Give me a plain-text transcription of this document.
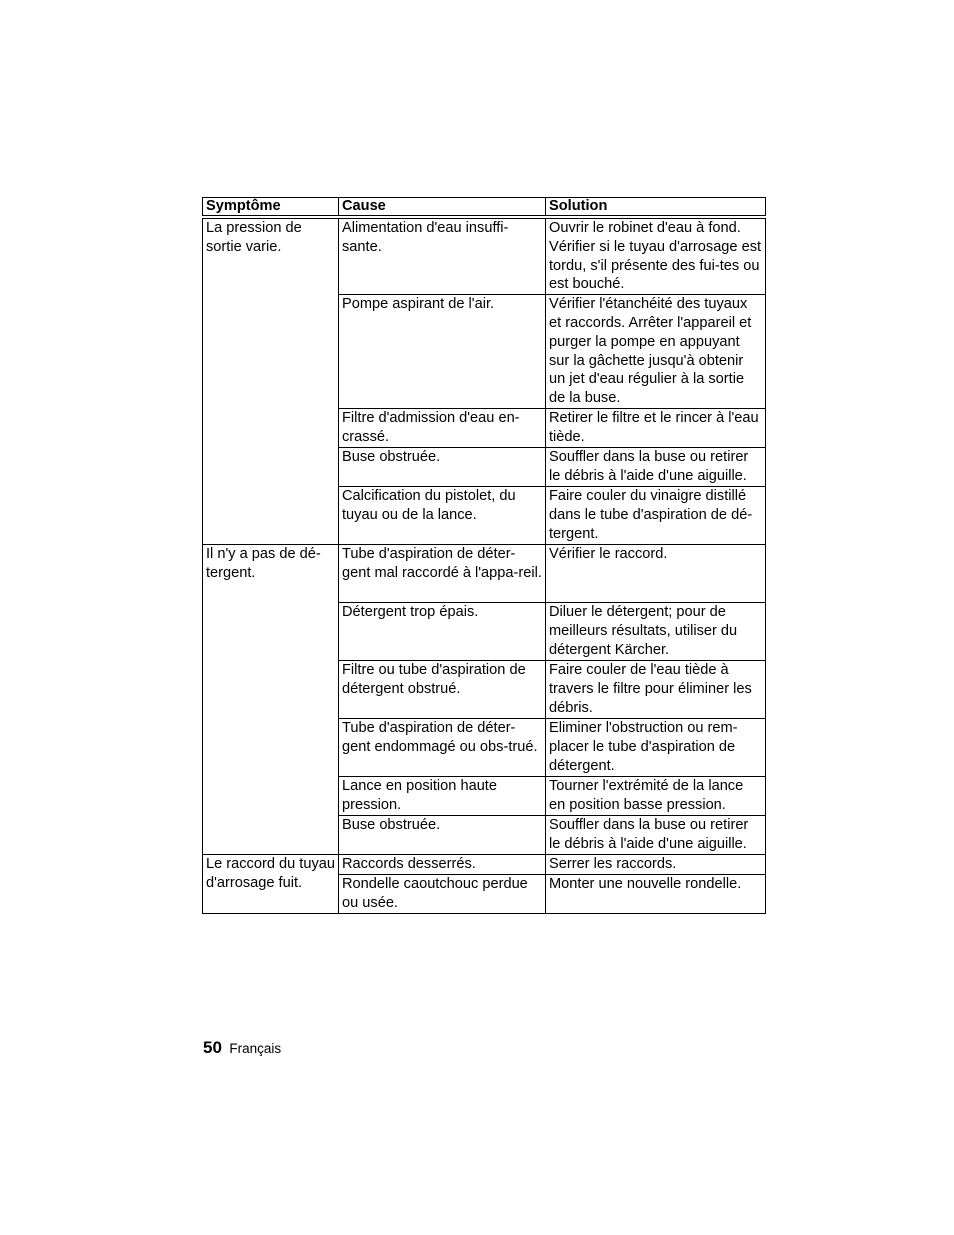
Symptôme	Cause	Solution
La pression de sortie varie.	Alimentation d'eau insuffi-sante.	Ouvrir le robinet d'eau à fond. Vérifier si le tuyau d'arrosage est tordu, s'il présente des fui-tes ou est bouché.
	Pompe aspirant de l'air.	Vérifier l'étanchéité des tuyaux et raccords. Arrêter l'appareil et purger la pompe en appuyant sur la gâchette jusqu'à obtenir un jet d'eau régulier à la sortie de la buse.
	Filtre d'admission d'eau en-crassé.	Retirer le filtre et le rincer à l'eau tiède.
	Buse obstruée.	Souffler dans la buse ou retirer le débris à l'aide d'une aiguille.
	Calcification du pistolet, du tuyau ou de la lance.	Faire couler du vinaigre distillé dans le tube d'aspiration de dé-tergent.
Il n'y a pas de dé-tergent.	Tube d'aspiration de déter-gent mal raccordé à l'appa-reil.	Vérifier le raccord.
	Détergent trop épais.	Diluer le détergent; pour de meilleurs résultats, utiliser du détergent Kärcher.
	Filtre ou tube d'aspiration de détergent obstrué.	Faire couler de l'eau tiède à travers le filtre pour éliminer les débris.
	Tube d'aspiration de déter-gent endommagé ou obs-trué.	Eliminer l'obstruction ou rem-placer le tube d'aspiration de détergent.
	Lance en position haute pression.	Tourner l'extrémité de la lance en position basse pression.
	Buse obstruée.	Souffler dans la buse ou retirer le débris à l'aide d'une aiguille.
Le raccord du tuyau d'arrosage fuit.	Raccords desserrés.	Serrer les raccords.
	Rondelle caoutchouc perdue ou usée.	Monter une nouvelle rondelle.
50 Français
